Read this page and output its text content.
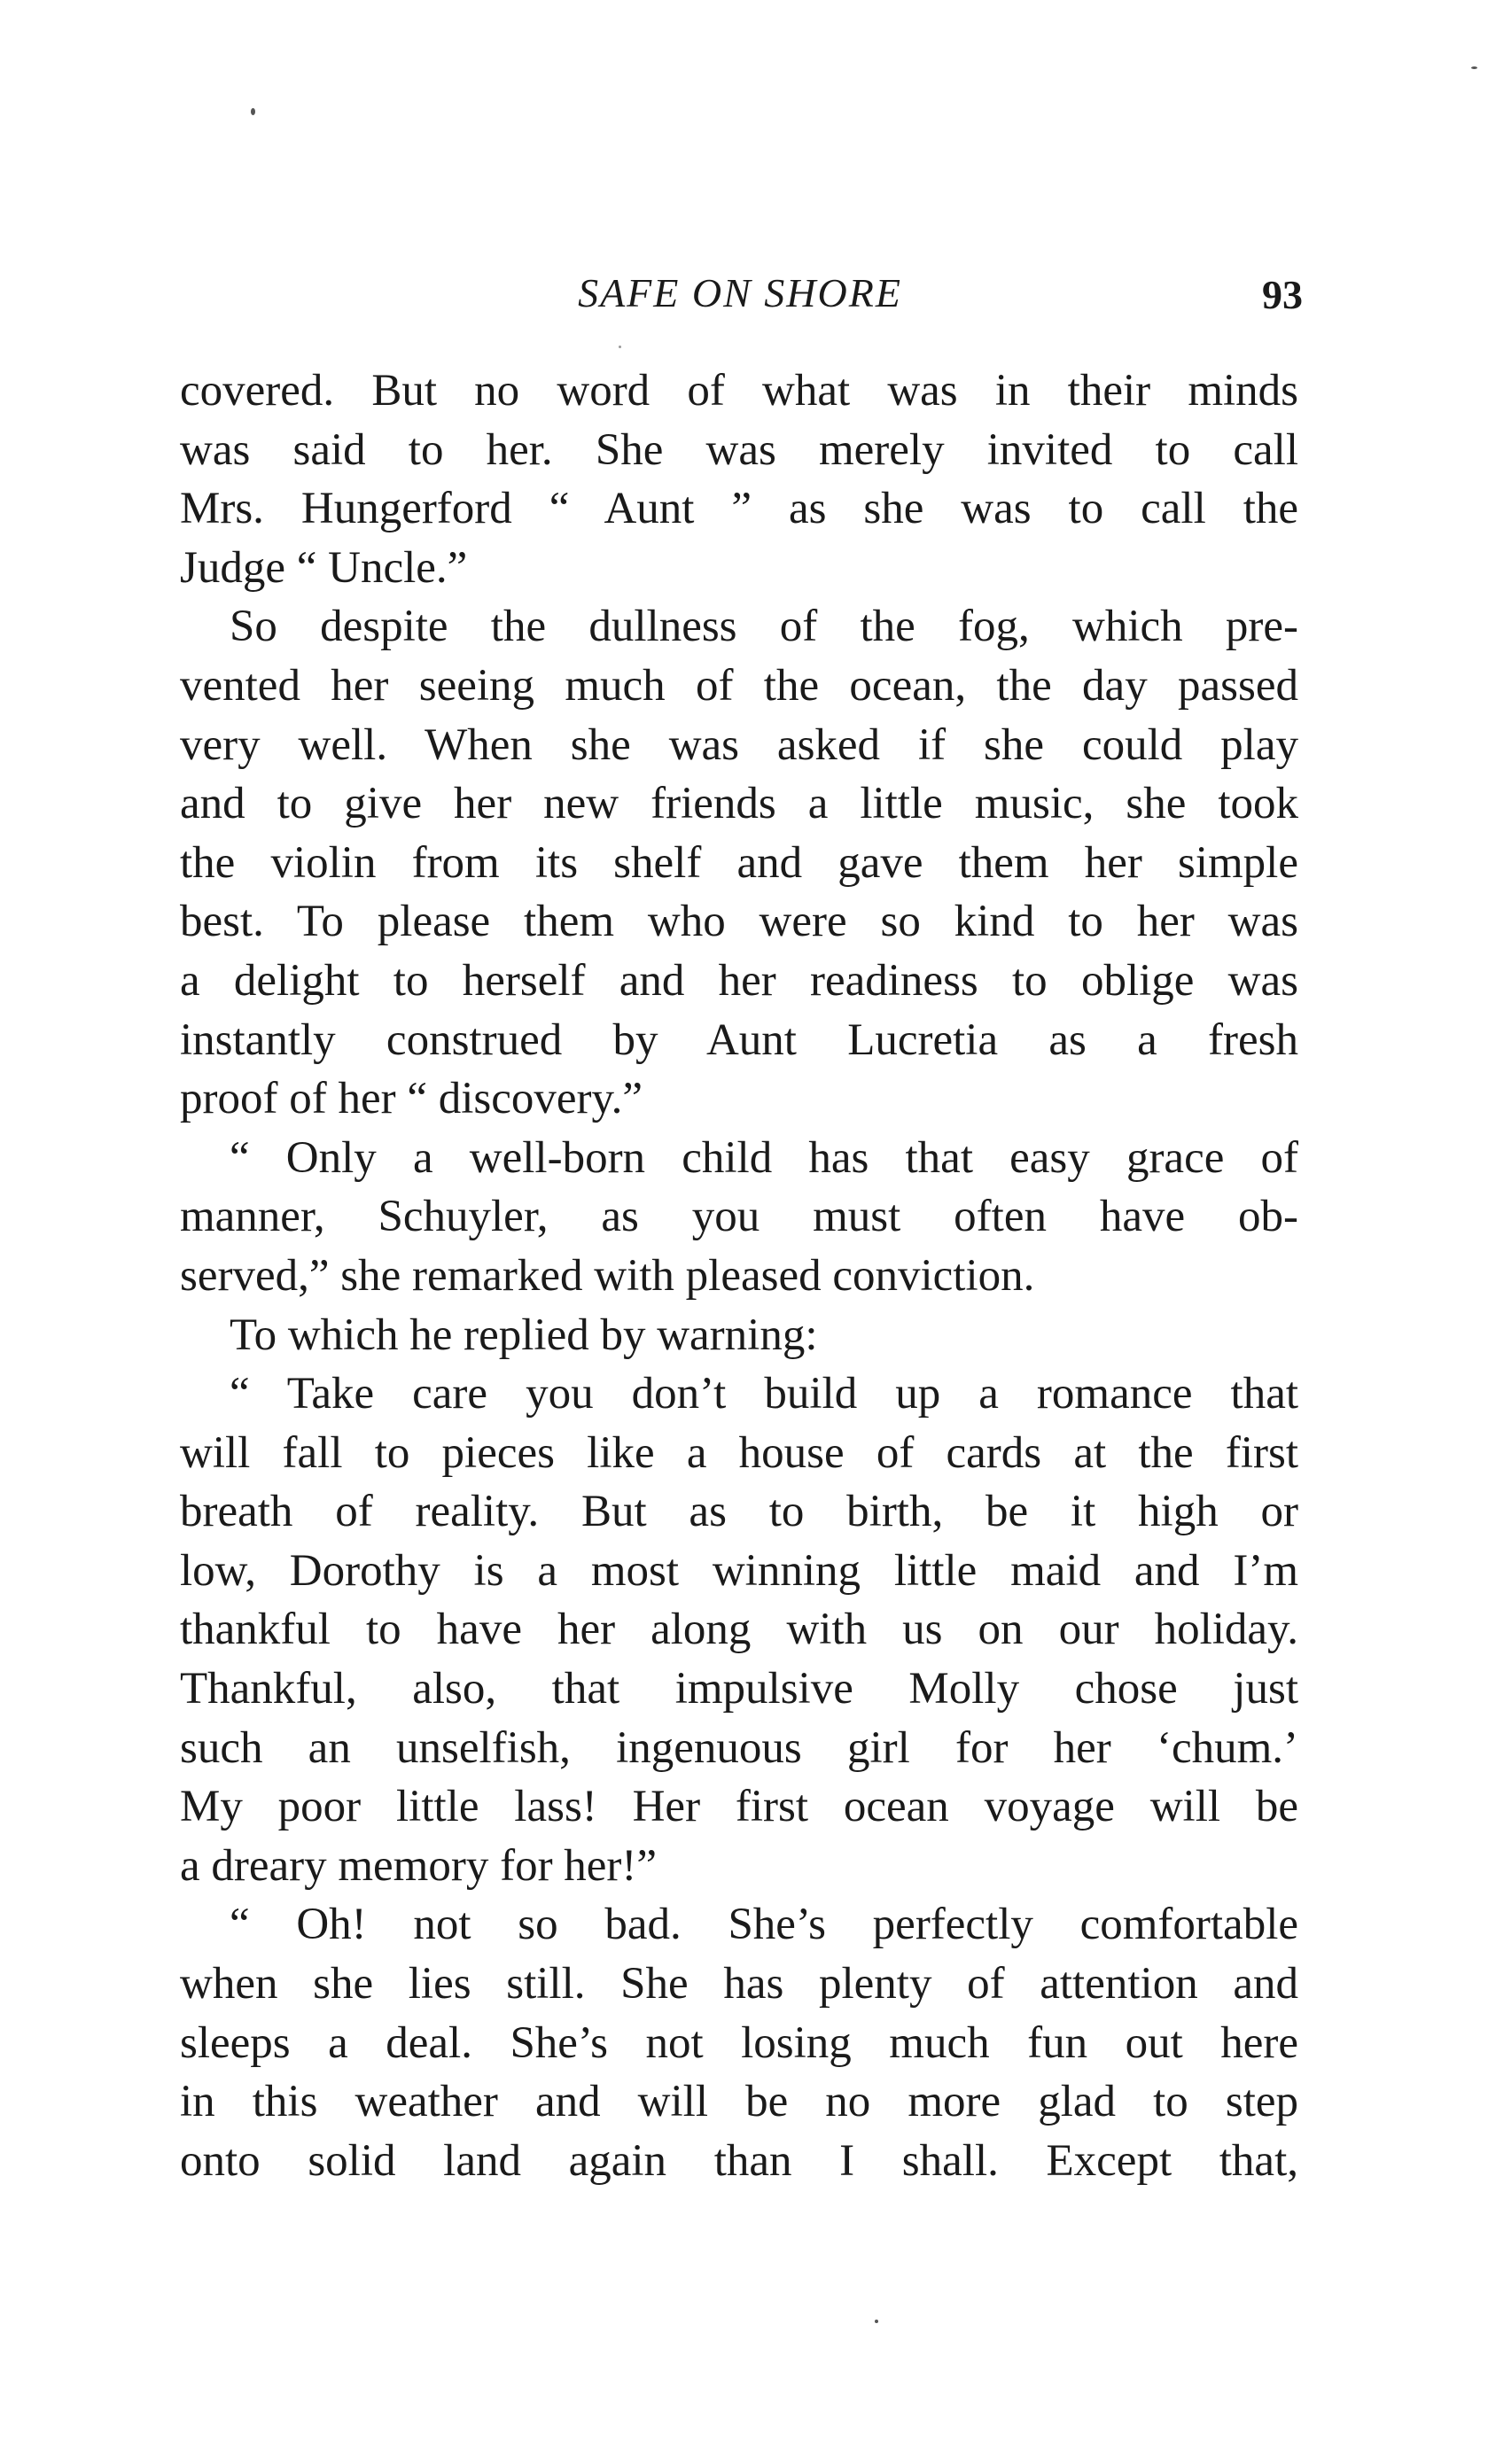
SAFE ON SHORE	93
covered. But no word of what was in their minds
was said to her. She was merely invited to call
Mrs. Hungerford “ Aunt ” as she was to call the
Judge “ Uncle.”
So despite the dullness of the fog, which pre-
vented her seeing much of the ocean, the day passed
very well. When she was asked if she could play
and to give her new friends a little music, she took
the violin from its shelf and gave them her simple
best. To please them who were so kind to her was
a delight to herself and her readiness to oblige was
instantly construed by Aunt Lucretia as a fresh
proof of her “ discovery.”
“ Only a well-born child has that easy grace of
manner, Schuyler, as you must often have ob-
served,” she remarked with pleased conviction.
To which he replied by warning:
“ Take care you don’t build up a romance that
will fall to pieces like a house of cards at the first
breath of reality. But as to birth, be it high or
low, Dorothy is a most winning little maid and I’m
thankful to have her along with us on our holiday.
Thankful, also, that impulsive Molly chose just
such an unselfish, ingenuous girl for her ‘chum.’
My poor little lass! Her first ocean voyage will be
a dreary memory for her!”
“ Oh! not so bad. She’s perfectly comfortable
when she lies still. She has plenty of attention and
sleeps a deal. She’s not losing much fun out here
in this weather and will be no more glad to step
onto solid land again than I shall. Except that,
